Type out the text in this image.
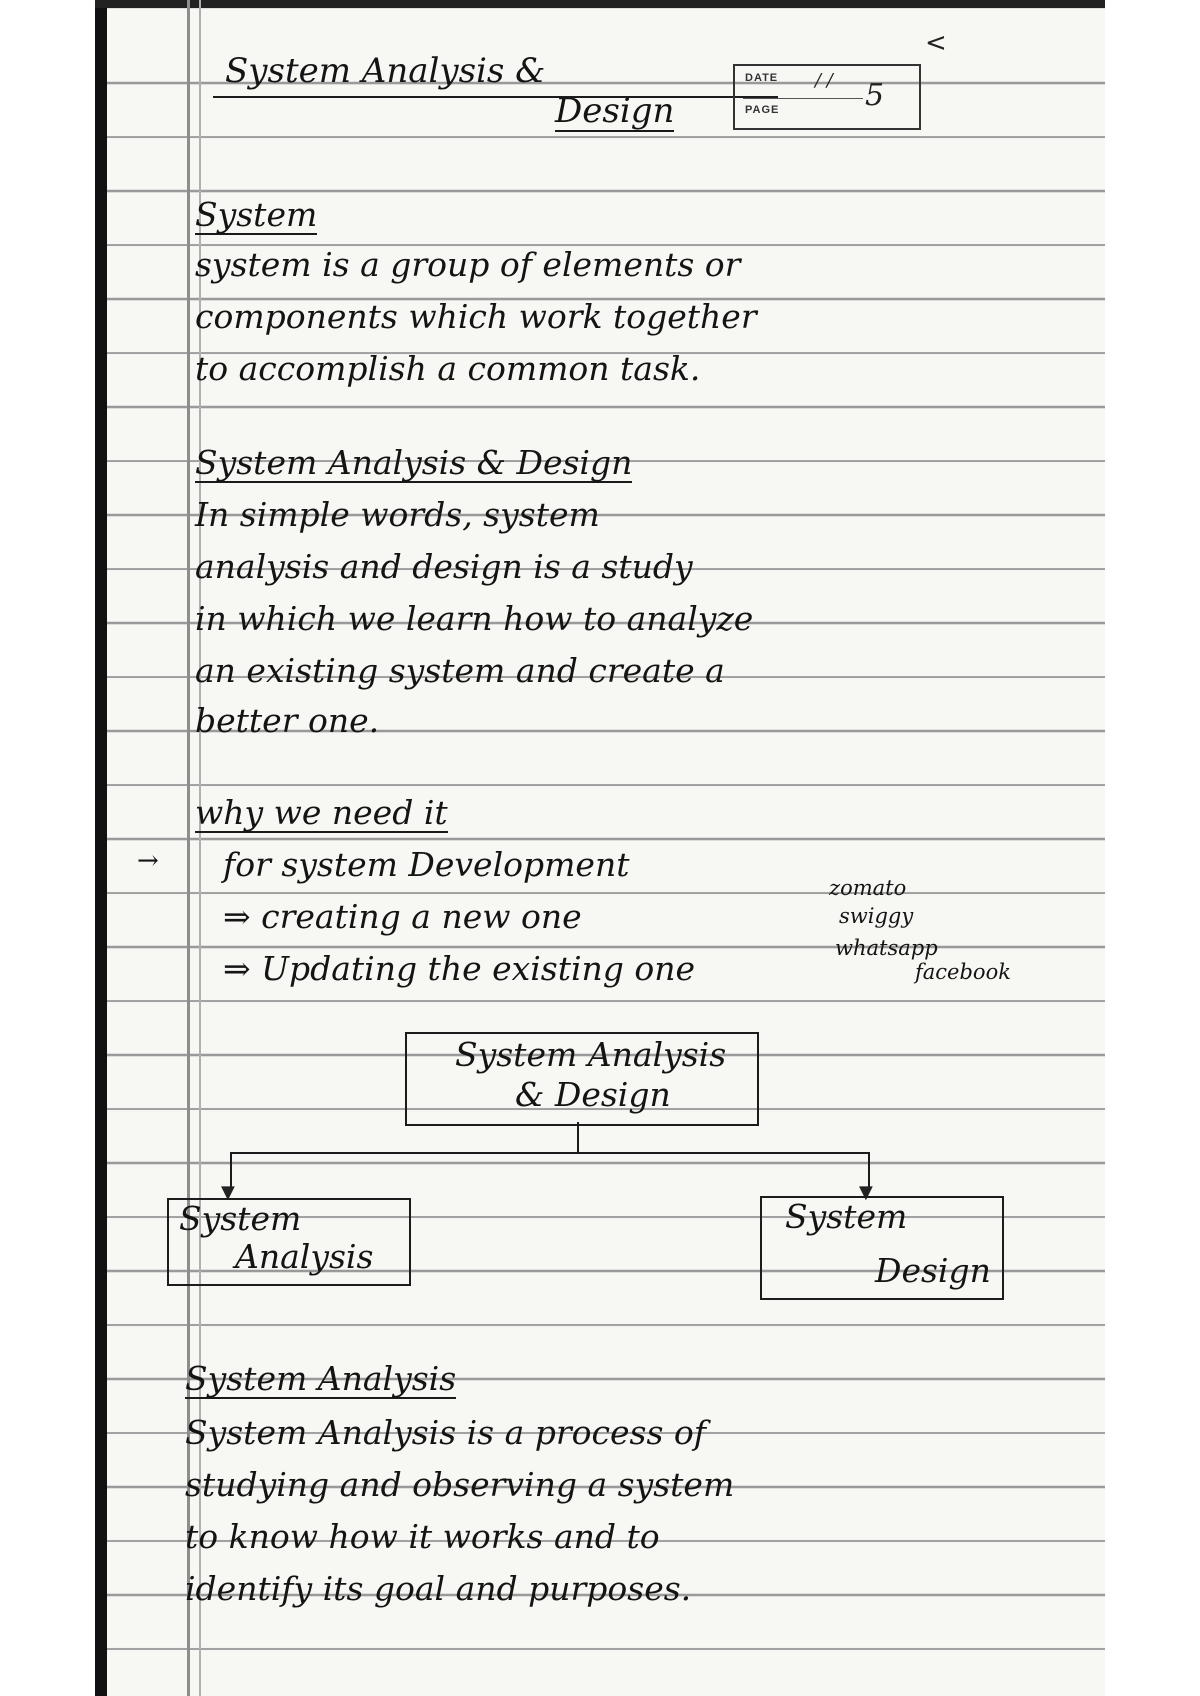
<
System Analysis &
Design
DATE / /
PAGE	5
System
system is a group of elements or
components which work together
to accomplish a common task.
System Analysis & Design
In simple words, system
analysis and design is a study
in which we learn how to analyze
an existing system and create a
better one.
why we need it
→ for system Development
⇒ creating a new one
⇒ Updating the existing one
zomato
swiggy
whatsapp
facebook
System Analysis
& Design
▼	▼
System
Analysis
System
Design
System Analysis
System Analysis is a process of
studying and observing a system
to know how it works and to
identify its goal and purposes.
